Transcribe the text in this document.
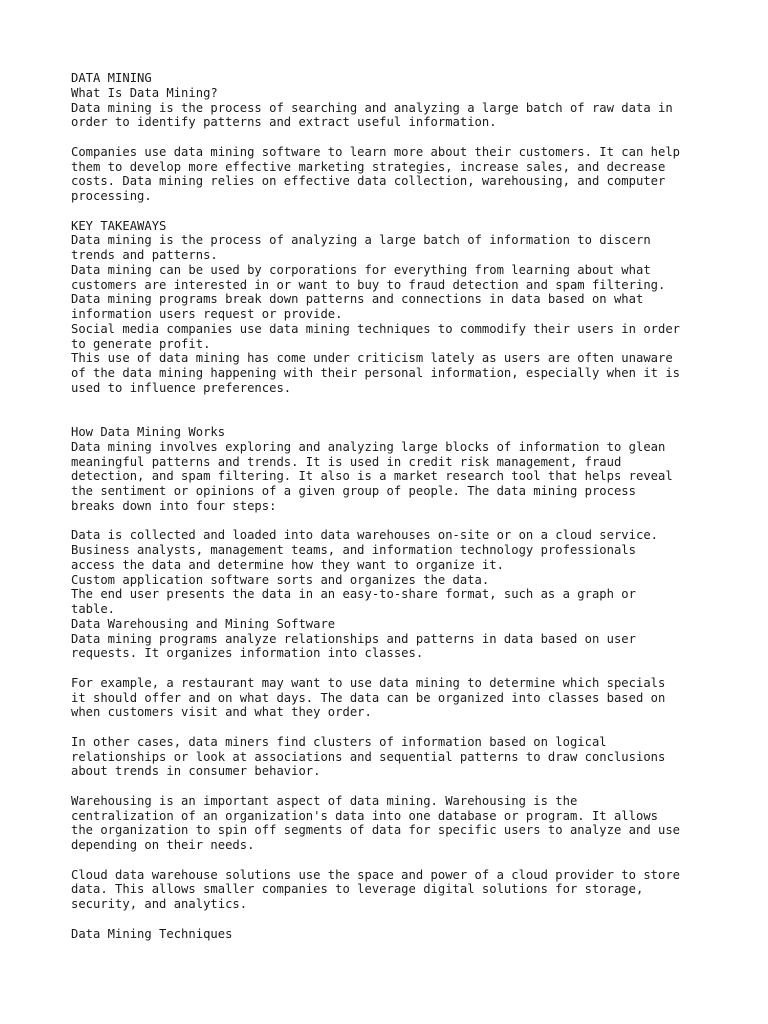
DATA MINING
What Is Data Mining?
Data mining is the process of searching and analyzing a large batch of raw data in
order to identify patterns and extract useful information.
Companies use data mining software to learn more about their customers. It can help
them to develop more effective marketing strategies, increase sales, and decrease
costs. Data mining relies on effective data collection, warehousing, and computer
processing.
KEY TAKEAWAYS
Data mining is the process of analyzing a large batch of information to discern
trends and patterns.
Data mining can be used by corporations for everything from learning about what
customers are interested in or want to buy to fraud detection and spam filtering.
Data mining programs break down patterns and connections in data based on what
information users request or provide.
Social media companies use data mining techniques to commodify their users in order
to generate profit.
This use of data mining has come under criticism lately as users are often unaware
of the data mining happening with their personal information, especially when it is
used to influence preferences.
How Data Mining Works
Data mining involves exploring and analyzing large blocks of information to glean
meaningful patterns and trends. It is used in credit risk management, fraud
detection, and spam filtering. It also is a market research tool that helps reveal
the sentiment or opinions of a given group of people. The data mining process
breaks down into four steps:
Data is collected and loaded into data warehouses on-site or on a cloud service.
Business analysts, management teams, and information technology professionals
access the data and determine how they want to organize it.
Custom application software sorts and organizes the data.
The end user presents the data in an easy-to-share format, such as a graph or
table.
Data Warehousing and Mining Software
Data mining programs analyze relationships and patterns in data based on user
requests. It organizes information into classes.
For example, a restaurant may want to use data mining to determine which specials
it should offer and on what days. The data can be organized into classes based on
when customers visit and what they order.
In other cases, data miners find clusters of information based on logical
relationships or look at associations and sequential patterns to draw conclusions
about trends in consumer behavior.
Warehousing is an important aspect of data mining. Warehousing is the
centralization of an organization's data into one database or program. It allows
the organization to spin off segments of data for specific users to analyze and use
depending on their needs.
Cloud data warehouse solutions use the space and power of a cloud provider to store
data. This allows smaller companies to leverage digital solutions for storage,
security, and analytics.
Data Mining Techniques
